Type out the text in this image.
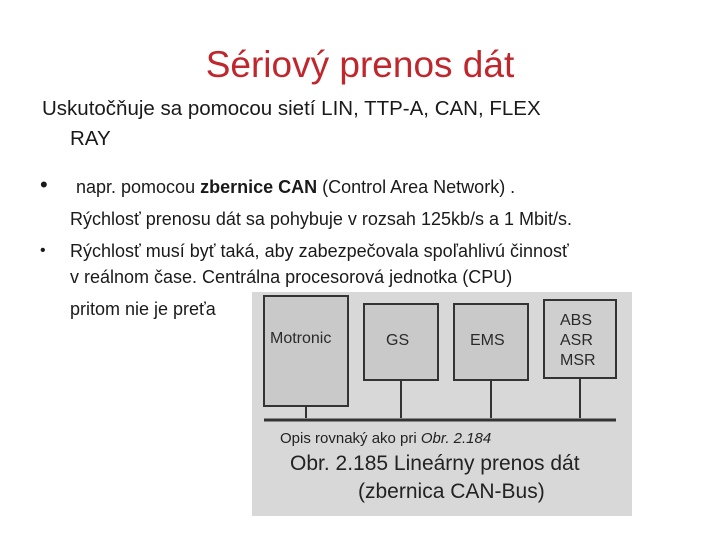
Sériový prenos dát
Uskutočňuje sa pomocou sietí LIN, TTP-A, CAN, FLEX
RAY
•	napr. pomocou zbernice CAN (Control Area Network) .
Rýchlosť prenosu dát sa pohybuje v rozsah 125kb/s a 1 Mbit/s.
•	Rýchlosť musí byť taká, aby zabezpečovala spoľahlivú činnosť
v reálnom čase. Centrálna procesorová jednotka (CPU)
pritom nie je preťa
Motronic	GS	EMS
ABS
ASR
MSR
Opis rovnaký ako pri Obr. 2.184
Obr. 2.185 Lineárny prenos dát
(zbernica CAN-Bus)
